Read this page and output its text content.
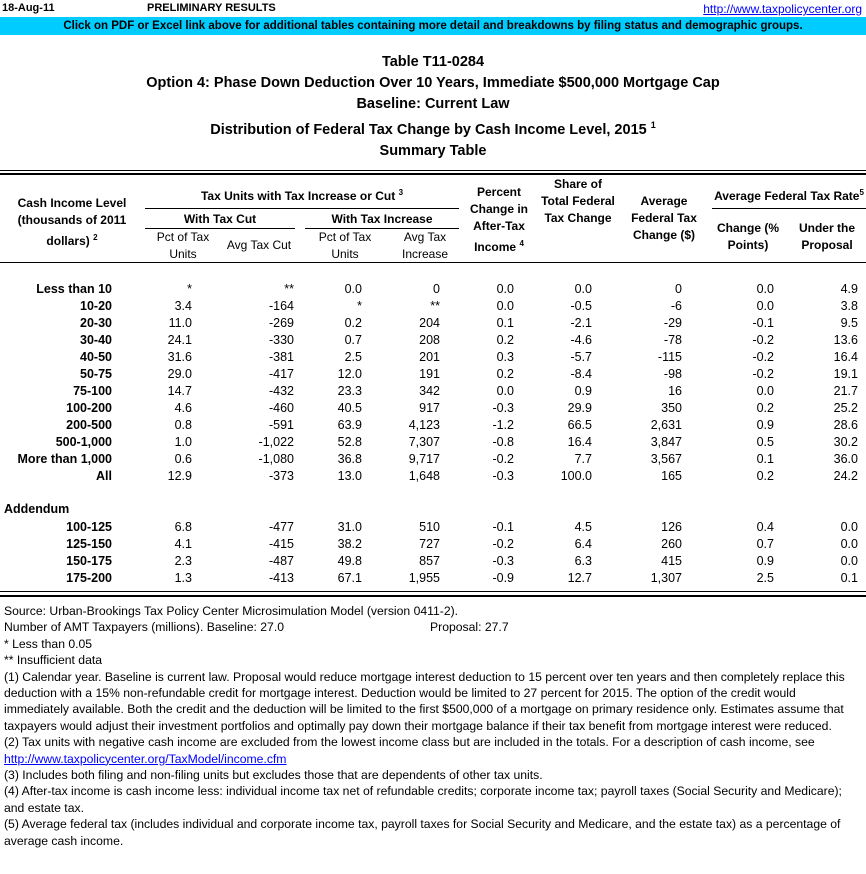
18-Aug-11	PRELIMINARY RESULTS	http://www.taxpolicycenter.org
Click on PDF or Excel link above for additional tables containing more detail and breakdowns by filing status and demographic groups.
Table T11-0284
Option 4: Phase Down Deduction Over 10 Years, Immediate $500,000 Mortgage Cap
Baseline: Current Law
Distribution of Federal Tax Change by Cash Income Level, 2015 $^1$
Summary Table
Cash Income Level (thousands of 2011 dollars) $^2$
Tax Units with Tax Increase or Cut $^3$
With Tax Cut	With Tax Increase
Pct of Tax Units
Avg Tax Cut
Pct of Tax Units
Avg Tax Increase
Percent Change in After-Tax Income $^4$
Share of Total Federal Tax Change
Average Federal Tax Change ($)
Average Federal Tax Rate$^5$
Change (% Points)
Under the Proposal
Less than 10	*	**	0.0	0	0.0	0.0	0	0.0	4.9
10-20	3.4	-164	*	**	0.0	-0.5	-6	0.0	3.8
20-30	11.0	-269	0.2	204	0.1	-2.1	-29	-0.1	9.5
30-40	24.1	-330	0.7	208	0.2	-4.6	-78	-0.2	13.6
40-50	31.6	-381	2.5	201	0.3	-5.7	-115	-0.2	16.4
50-75	29.0	-417	12.0	191	0.2	-8.4	-98	-0.2	19.1
75-100	14.7	-432	23.3	342	0.0	0.9	16	0.0	21.7
100-200	4.6	-460	40.5	917	-0.3	29.9	350	0.2	25.2
200-500	0.8	-591	63.9	4,123	-1.2	66.5	2,631	0.9	28.6
500-1,000	1.0	-1,022	52.8	7,307	-0.8	16.4	3,847	0.5	30.2
More than 1,000	0.6	-1,080	36.8	9,717	-0.2	7.7	3,567	0.1	36.0
All	12.9	-373	13.0	1,648	-0.3	100.0	165	0.2	24.2
Addendum
100-125	6.8	-477	31.0	510	-0.1	4.5	126	0.4	0.0
125-150	4.1	-415	38.2	727	-0.2	6.4	260	0.7	0.0
150-175	2.3	-487	49.8	857	-0.3	6.3	415	0.9	0.0
175-200	1.3	-413	67.1	1,955	-0.9	12.7	1,307	2.5	0.1

Source: Urban-Brookings Tax Policy Center Microsimulation Model (version 0411-2).

Number of AMT Taxpayers (millions). Baseline: 27.0	Proposal: 27.7

* Less than 0.05

** Insufficient data

(1) Calendar year. Baseline is current law. Proposal would reduce mortgage interest deduction to 15 percent over ten years and then completely replace this deduction with a 15% non-refundable credit for mortgage interest. Deduction would be limited to 27 percent for 2015. The option of the credit would immediately available. Both the credit and the deduction will be limited to the first $500,000 of a mortgage on primary residence only. Estimates assume that taxpayers would adjust their investment portfolios and optimally pay down their mortgage balance if their tax benefit from mortgage interest were reduced.

(2) Tax units with negative cash income are excluded from the lowest income class but are included in the totals. For a description of cash income, see

http://www.taxpolicycenter.org/TaxModel/income.cfm

(3) Includes both filing and non-filing units but excludes those that are dependents of other tax units.

(4) After-tax income is cash income less: individual income tax net of refundable credits; corporate income tax; payroll taxes (Social Security and Medicare); and estate tax.

(5) Average federal tax (includes individual and corporate income tax, payroll taxes for Social Security and Medicare, and the estate tax) as a percentage of average cash income.
